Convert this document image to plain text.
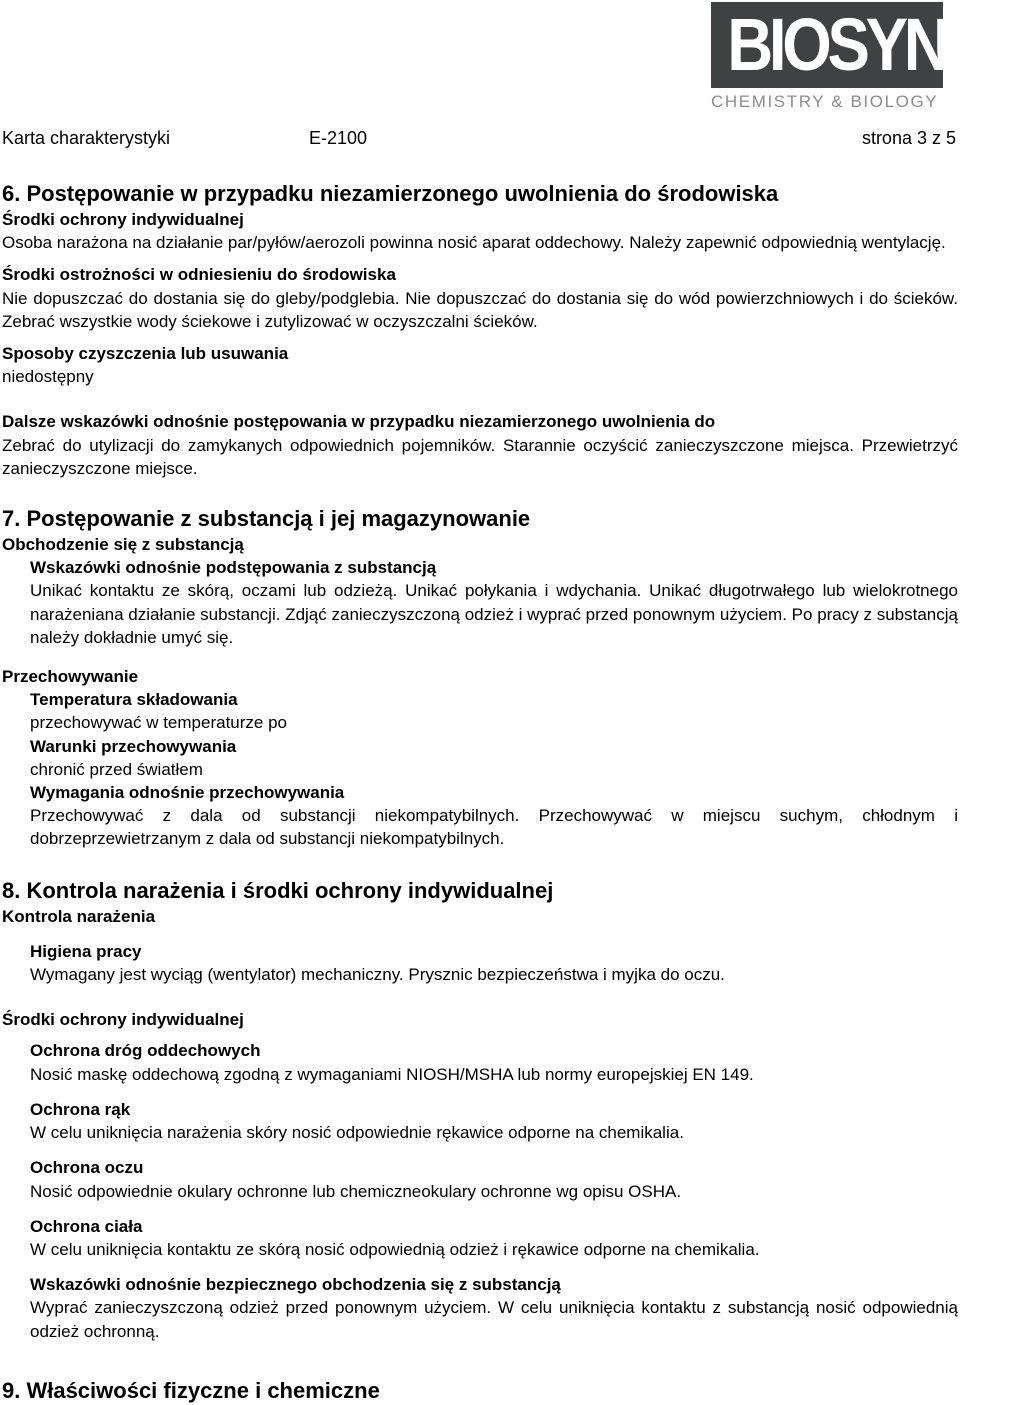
BIOSYNTH
CHEMISTRY & BIOLOGY
Karta charakterystyki	E-2100	strona 3 z 5
6. Postępowanie w przypadku niezamierzonego uwolnienia do środowiska
Środki ochrony indywidualnej
Osoba narażona na działanie par/pyłów/aerozoli powinna nosić aparat oddechowy. Należy zapewnić odpowiednią wentylację.
Środki ostrożności w odniesieniu do środowiska
Nie dopuszczać do dostania się do gleby/podglebia. Nie dopuszczać do dostania się do wód powierzchniowych i do ścieków. Zebrać wszystkie wody ściekowe i zutylizować w oczyszczalni ścieków.
Sposoby czyszczenia lub usuwania
niedostępny
Dalsze wskazówki odnośnie postępowania w przypadku niezamierzonego uwolnienia do
Zebrać do utylizacji do zamykanych odpowiednich pojemników. Starannie oczyścić zanieczyszczone miejsca. Przewietrzyć zanieczyszczone miejsce.
7. Postępowanie z substancją i jej magazynowanie
Obchodzenie się z substancją
Wskazówki odnośnie podstępowania z substancją
Unikać kontaktu ze skórą, oczami lub odzieżą. Unikać połykania i wdychania. Unikać długotrwałego lub wielokrotnego narażeniana działanie substancji. Zdjąć zanieczyszczoną odzież i wyprać przed ponownym użyciem. Po pracy z substancją należy dokładnie umyć się.
Przechowywanie
Temperatura składowania
przechowywać w temperaturze po
Warunki przechowywania
chronić przed światłem
Wymagania odnośnie przechowywania
Przechowywać z dala od substancji niekompatybilnych. Przechowywać w miejscu suchym, chłodnym i dobrzeprzewietrzanym z dala od substancji niekompatybilnych.
8. Kontrola narażenia i środki ochrony indywidualnej
Kontrola narażenia
Higiena pracy
Wymagany jest wyciąg (wentylator) mechaniczny. Prysznic bezpieczeństwa i myjka do oczu.
Środki ochrony indywidualnej
Ochrona dróg oddechowych
Nosić maskę oddechową zgodną z wymaganiami NIOSH/MSHA lub normy europejskiej EN 149.
Ochrona rąk
W celu uniknięcia narażenia skóry nosić odpowiednie rękawice odporne na chemikalia.
Ochrona oczu
Nosić odpowiednie okulary ochronne lub chemiczneokulary ochronne wg opisu OSHA.
Ochrona ciała
W celu uniknięcia kontaktu ze skórą nosić odpowiednią odzież i rękawice odporne na chemikalia.
Wskazówki odnośnie bezpiecznego obchodzenia się z substancją
Wyprać zanieczyszczoną odzież przed ponownym użyciem. W celu uniknięcia kontaktu z substancją nosić odpowiednią odzież ochronną.
9. Właściwości fizyczne i chemiczne
